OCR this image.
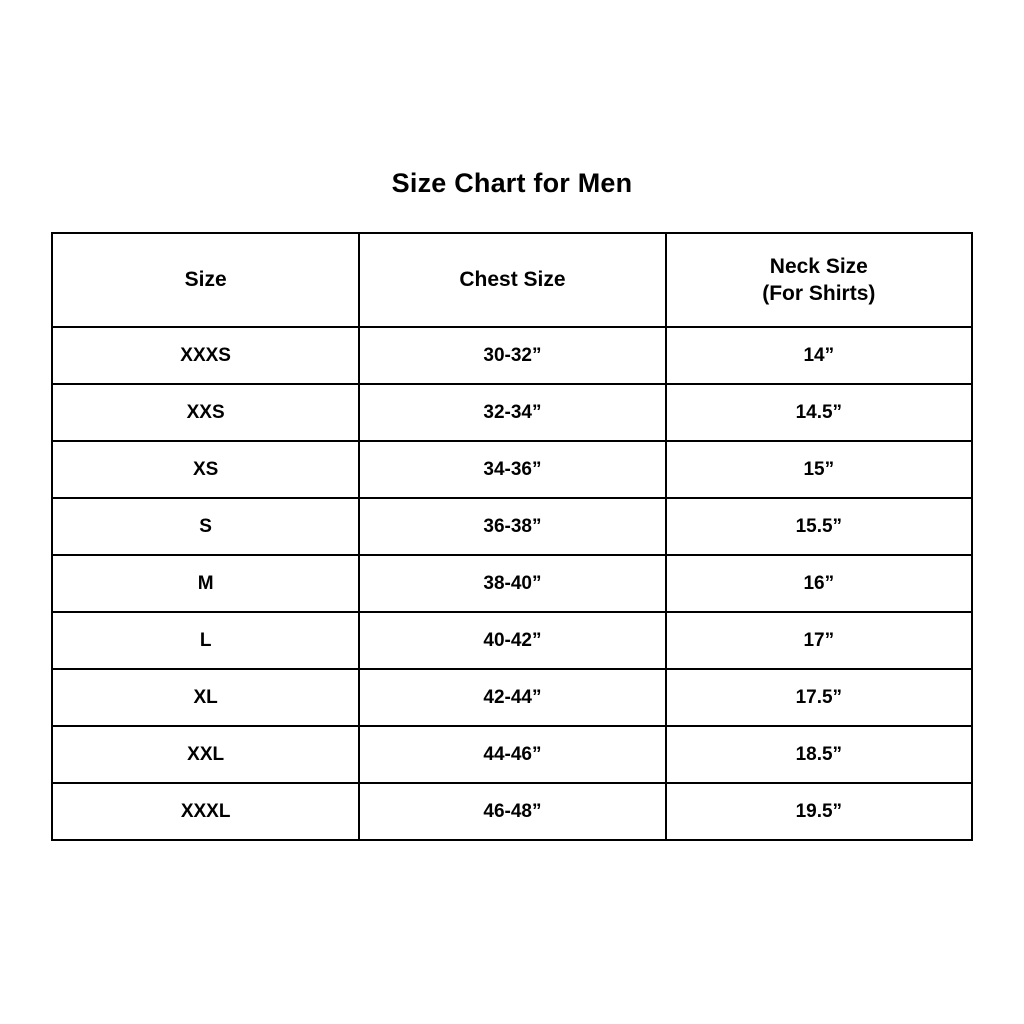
Size Chart for Men
Size	Chest Size	Neck Size
(For Shirts)

XXXS	30-32”	14”
XXS	32-34”	14.5”
XS	34-36”	15”
S	36-38”	15.5”
M	38-40”	16”
L	40-42”	17”
XL	42-44”	17.5”
XXL	44-46”	18.5”
XXXL	46-48”	19.5”
